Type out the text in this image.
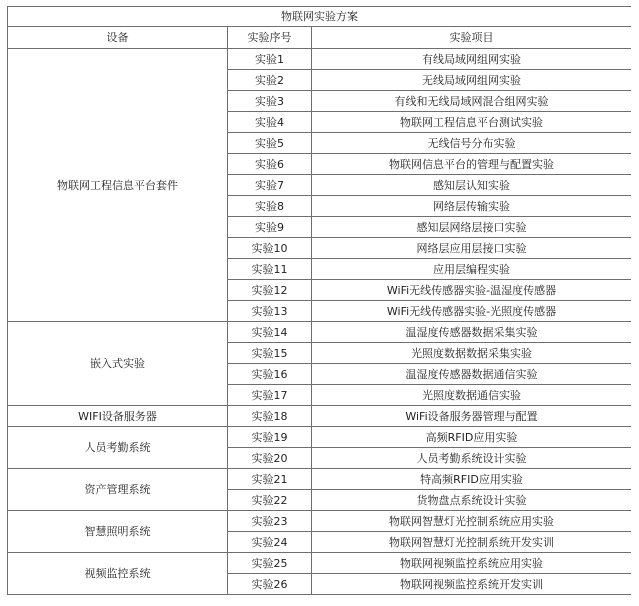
物联网实验方案		
设备	实验序号	实验项目
物联网工程信息平台套件	实验1	有线局域网组网实验
	实验2	无线局域网组网实验
	实验3	有线和无线局域网混合组网实验
	实验4	物联网工程信息平台测试实验
	实验5	无线信号分布实验
	实验6	物联网信息平台的管理与配置实验
	实验7	感知层认知实验
	实验8	网络层传输实验
	实验9	感知层网络层接口实验
	实验10	网络层应用层接口实验
	实验11	应用层编程实验
	实验12	WiFi无线传感器实验-温湿度传感器
	实验13	WiFi无线传感器实验-光照度传感器
嵌入式实验	实验14	温湿度传感器数据采集实验
	实验15	光照度数据数据采集实验
	实验16	温湿度传感器数据通信实验
	实验17	光照度数据通信实验
WIFI设备服务器	实验18	WiFi设备服务器管理与配置
人员考勤系统	实验19	高频RFID应用实验
	实验20	人员考勤系统设计实验
资产管理系统	实验21	特高频RFID应用实验
	实验22	货物盘点系统设计实验
智慧照明系统	实验23	物联网智慧灯光控制系统应用实验
	实验24	物联网智慧灯光控制系统开发实训
视频监控系统	实验25	物联网视频监控系统应用实验
	实验26	物联网视频监控系统开发实训
